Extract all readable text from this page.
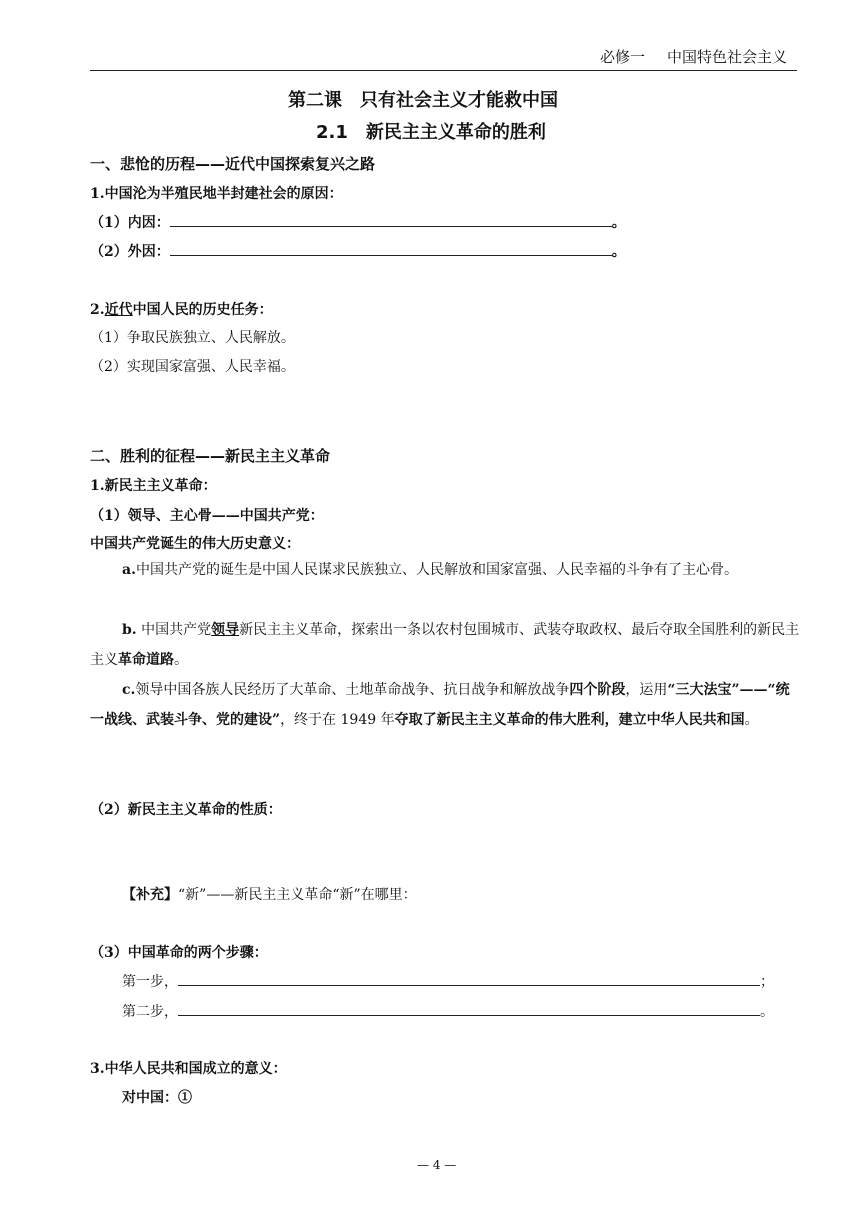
必修一 中国特色社会主义
第二课　只有社会主义才能救中国
2.1　新民主主义革命的胜利
一、悲怆的历程——近代中国探索复兴之路
1.中国沦为半殖民地半封建社会的原因：
（1）内因：	。
（2）外因：	。
2.近代中国人民的历史任务：
（1）争取民族独立、人民解放。
（2）实现国家富强、人民幸福。
二、胜利的征程——新民主主义革命
1.新民主主义革命：
（1）领导、主心骨——中国共产党：
中国共产党诞生的伟大历史意义：
a.中国共产党的诞生是中国人民谋求民族独立、人民解放和国家富强、人民幸福的斗争有了主心骨。
b. 中国共产党领导新民主主义革命，探索出一条以农村包围城市、武装夺取政权、最后夺取全国胜利的新民主主义革命道路。
c.领导中国各族人民经历了大革命、土地革命战争、抗日战争和解放战争四个阶段，运用“三大法宝”——“统一战线、武装斗争、党的建设”，终于在 1949 年夺取了新民主主义革命的伟大胜利，建立中华人民共和国。
（2）新民主主义革命的性质：
【补充】“新”——新民主主义革命“新”在哪里：
（3）中国革命的两个步骤：
第一步，	；
第二步，	。
3.中华人民共和国成立的意义：
对中国：①
— 4 —
